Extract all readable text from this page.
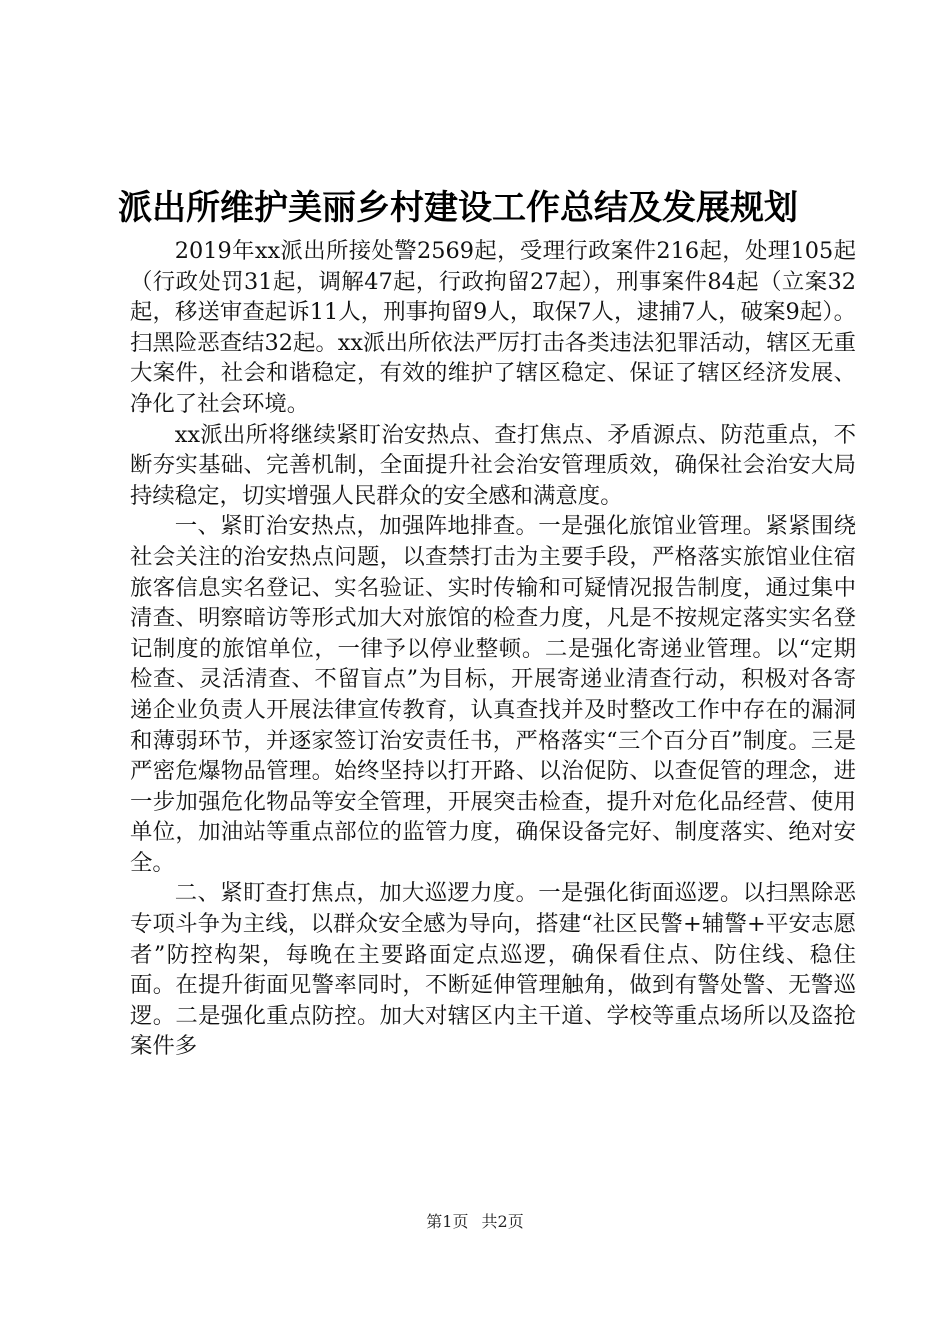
派出所维护美丽乡村建设工作总结及发展规划

2019年xx派出所接处警2569起，受理行政案件216起，处理105起（行政处罚31起，调解47起，行政拘留27起），刑事案件84起（立案32起，移送审查起诉11人，刑事拘留9人，取保7人，逮捕7人，破案9起）。扫黑险恶查结32起。xx派出所依法严厉打击各类违法犯罪活动，辖区无重大案件，社会和谐稳定，有效的维护了辖区稳定、保证了辖区经济发展、净化了社会环境。

xx派出所将继续紧盯治安热点、查打焦点、矛盾源点、防范重点，不断夯实基础、完善机制，全面提升社会治安管理质效，确保社会治安大局持续稳定，切实增强人民群众的安全感和满意度。

一、紧盯治安热点，加强阵地排查。一是强化旅馆业管理。紧紧围绕社会关注的治安热点问题，以查禁打击为主要手段，严格落实旅馆业住宿旅客信息实名登记、实名验证、实时传输和可疑情况报告制度，通过集中清查、明察暗访等形式加大对旅馆的检查力度，凡是不按规定落实实名登记制度的旅馆单位，一律予以停业整顿。二是强化寄递业管理。以“定期检查、灵活清查、不留盲点”为目标，开展寄递业清查行动，积极对各寄递企业负责人开展法律宣传教育，认真查找并及时整改工作中存在的漏洞和薄弱环节，并逐家签订治安责任书，严格落实“三个百分百”制度。三是严密危爆物品管理。始终坚持以打开路、以治促防、以查促管的理念，进一步加强危化物品等安全管理，开展突击检查，提升对危化品经营、使用单位，加油站等重点部位的监管力度，确保设备完好、制度落实、绝对安全。

二、紧盯查打焦点，加大巡逻力度。一是强化街面巡逻。以扫黑除恶专项斗争为主线，以群众安全感为导向，搭建“社区民警+辅警+平安志愿者”防控构架，每晚在主要路面定点巡逻，确保看住点、防住线、稳住面。在提升街面见警率同时，不断延伸管理触角，做到有警处警、无警巡逻。二是强化重点防控。加大对辖区内主干道、学校等重点场所以及盗抢案件多

第1页 共2页
